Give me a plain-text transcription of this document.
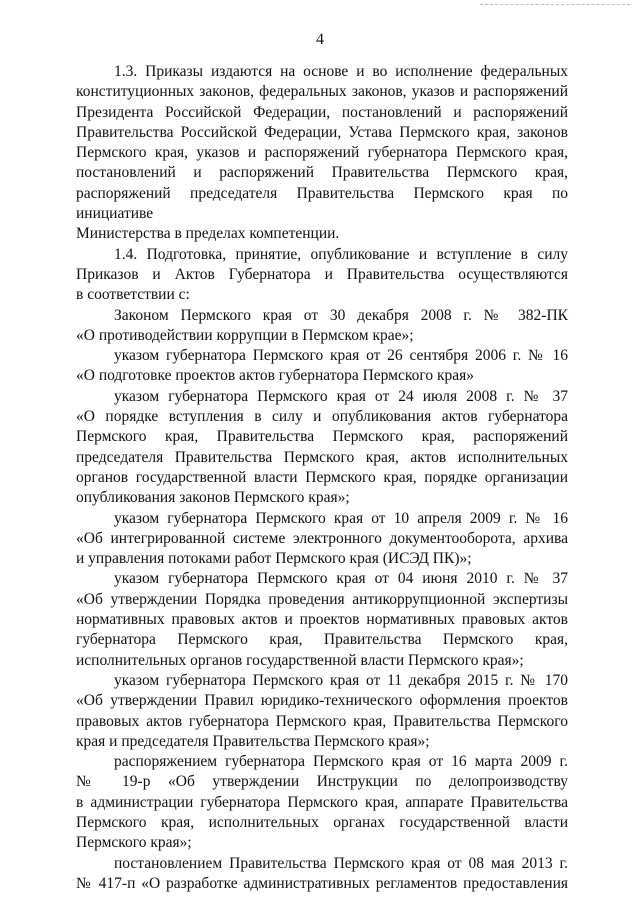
4
1.3. Приказы издаются на основе и во исполнение федеральных
конституционных законов, федеральных законов, указов и распоряжений
Президента Российской Федерации, постановлений и распоряжений
Правительства Российской Федерации, Устава Пермского края, законов
Пермского края, указов и распоряжений губернатора Пермского края,
постановлений и распоряжений Правительства Пермского края,
распоряжений председателя Правительства Пермского края по инициативе
Министерства в пределах компетенции.
1.4. Подготовка, принятие, опубликование и вступление в силу
Приказов и Актов Губернатора и Правительства осуществляются
в соответствии с:
Законом Пермского края от 30 декабря 2008 г. № 382-ПК
«О противодействии коррупции в Пермском крае»;
указом губернатора Пермского края от 26 сентября 2006 г. № 16
«О подготовке проектов актов губернатора Пермского края»
указом губернатора Пермского края от 24 июля 2008 г. № 37
«О порядке вступления в силу и опубликования актов губернатора
Пермского края, Правительства Пермского края, распоряжений
председателя Правительства Пермского края, актов исполнительных
органов государственной власти Пермского края, порядке организации
опубликования законов Пермского края»;
указом губернатора Пермского края от 10 апреля 2009 г. № 16
«Об интегрированной системе электронного документооборота, архива
и управления потоками работ Пермского края (ИСЭД ПК)»;
указом губернатора Пермского края от 04 июня 2010 г. № 37
«Об утверждении Порядка проведения антикоррупционной экспертизы
нормативных правовых актов и проектов нормативных правовых актов
губернатора Пермского края, Правительства Пермского края,
исполнительных органов государственной власти Пермского края»;
указом губернатора Пермского края от 11 декабря 2015 г. № 170
«Об утверждении Правил юридико-технического оформления проектов
правовых актов губернатора Пермского края, Правительства Пермского
края и председателя Правительства Пермского края»;
распоряжением губернатора Пермского края от 16 марта 2009 г.
№ 19-р «Об утверждении Инструкции по делопроизводству
в администрации губернатора Пермского края, аппарате Правительства
Пермского края, исполнительных органах государственной власти
Пермского края»;
постановлением Правительства Пермского края от 08 мая 2013 г.
№ 417-п «О разработке административных регламентов предоставления
